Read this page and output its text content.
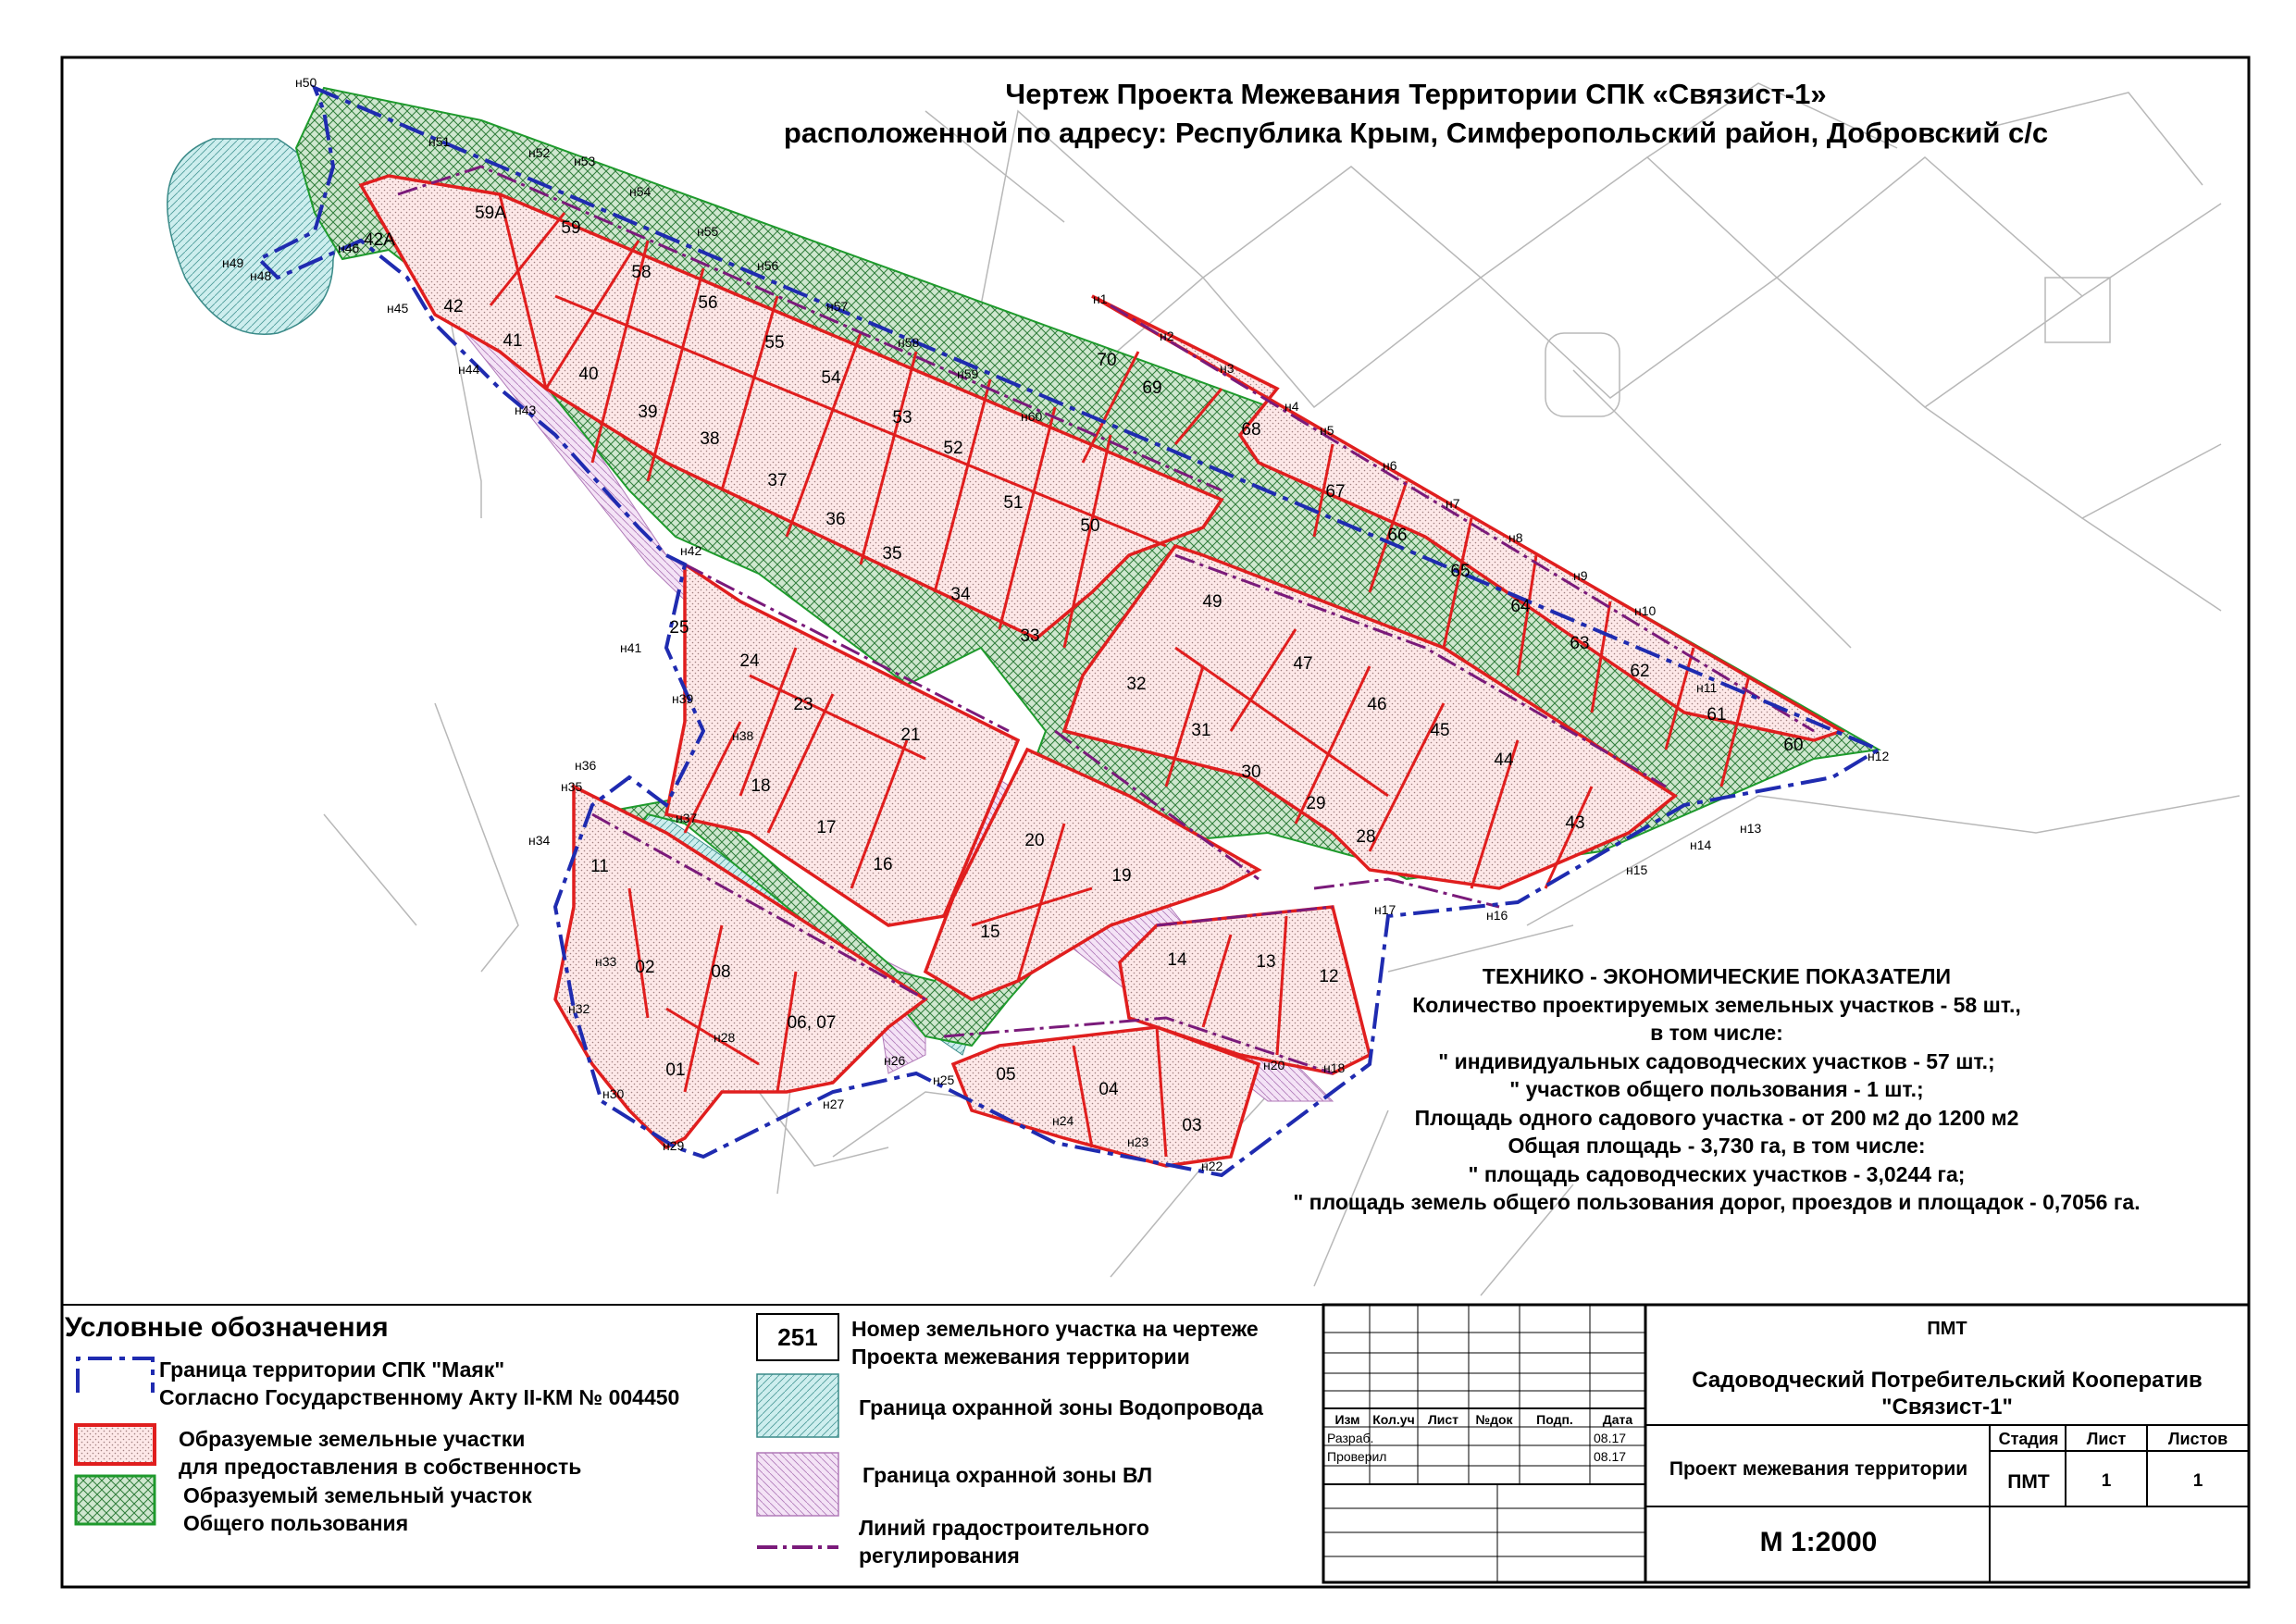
59А
59
58
56
55
54
53
52
51
50
42А
42
41
40
39
38
37
36
35
34
33
70
69
68
67
66
65
64
63
62
61
60
49
47
46
45
44
43
32
31
30
29
28
25
24
23
21
18
17
16
20
19
15
11
02	08
06, 07
01	05
04
03
14	13
12
н50
н49
н48
н46
н45
н44
н43
н51
н52
н53
н54
н55
н56
н57
н58
н59
н60
н1
н2
н3
н4
н5
н6
н7
н8
н9
н10
н11
н12
н13
н14
н15
н16
н17
н18
н20
н22
н23
н24
н25
н26
н27
н28
н29
н30
н32
н33
н34
н35
н36
н37
н38
н39
н41
н42
Чертеж Проекта Межевания Территории СПК «Связист-1»
расположенной по адресу: Республика Крым, Симферопольский район, Добровский с/с
ТЕХНИКО - ЭКОНОМИЧЕСКИЕ ПОКАЗАТЕЛИ
Количество проектируемых земельных участков - 58 шт.,
в том числе:
" индивидуальных садоводческих участков - 57 шт.;
" участков общего пользования - 1 шт.;
Площадь одного садового участка - от 200 м2 до 1200 м2
Общая площадь - 3,730 га, в том числе:
" площадь садоводческих участков - 3,0244 га;
" площадь земель общего пользования дорог, проездов и площадок - 0,7056 га.
Условные обозначения
Граница территории СПК "Маяк"
Согласно Государственному Акту II-КМ № 004450
Образуемые земельные участки
для предоставления в собственность
Образуемый земельный участок
Общего пользования
251	Номер земельного участка на чертеже
Проекта межевания территории
Граница охранной зоны Водопровода
Граница охранной зоны ВЛ
Линий градостроительного
регулирования
ПМТ
Садоводческий Потребительский Кооператив
"Связист-1"
Изм Кол.уч	Лист	№док	Подп.	Дата
Разраб.	08.17
Проверил	08.17
Проект межевания территории
Стадия	Лист	Листов
ПМТ	1	1
М 1:2000
